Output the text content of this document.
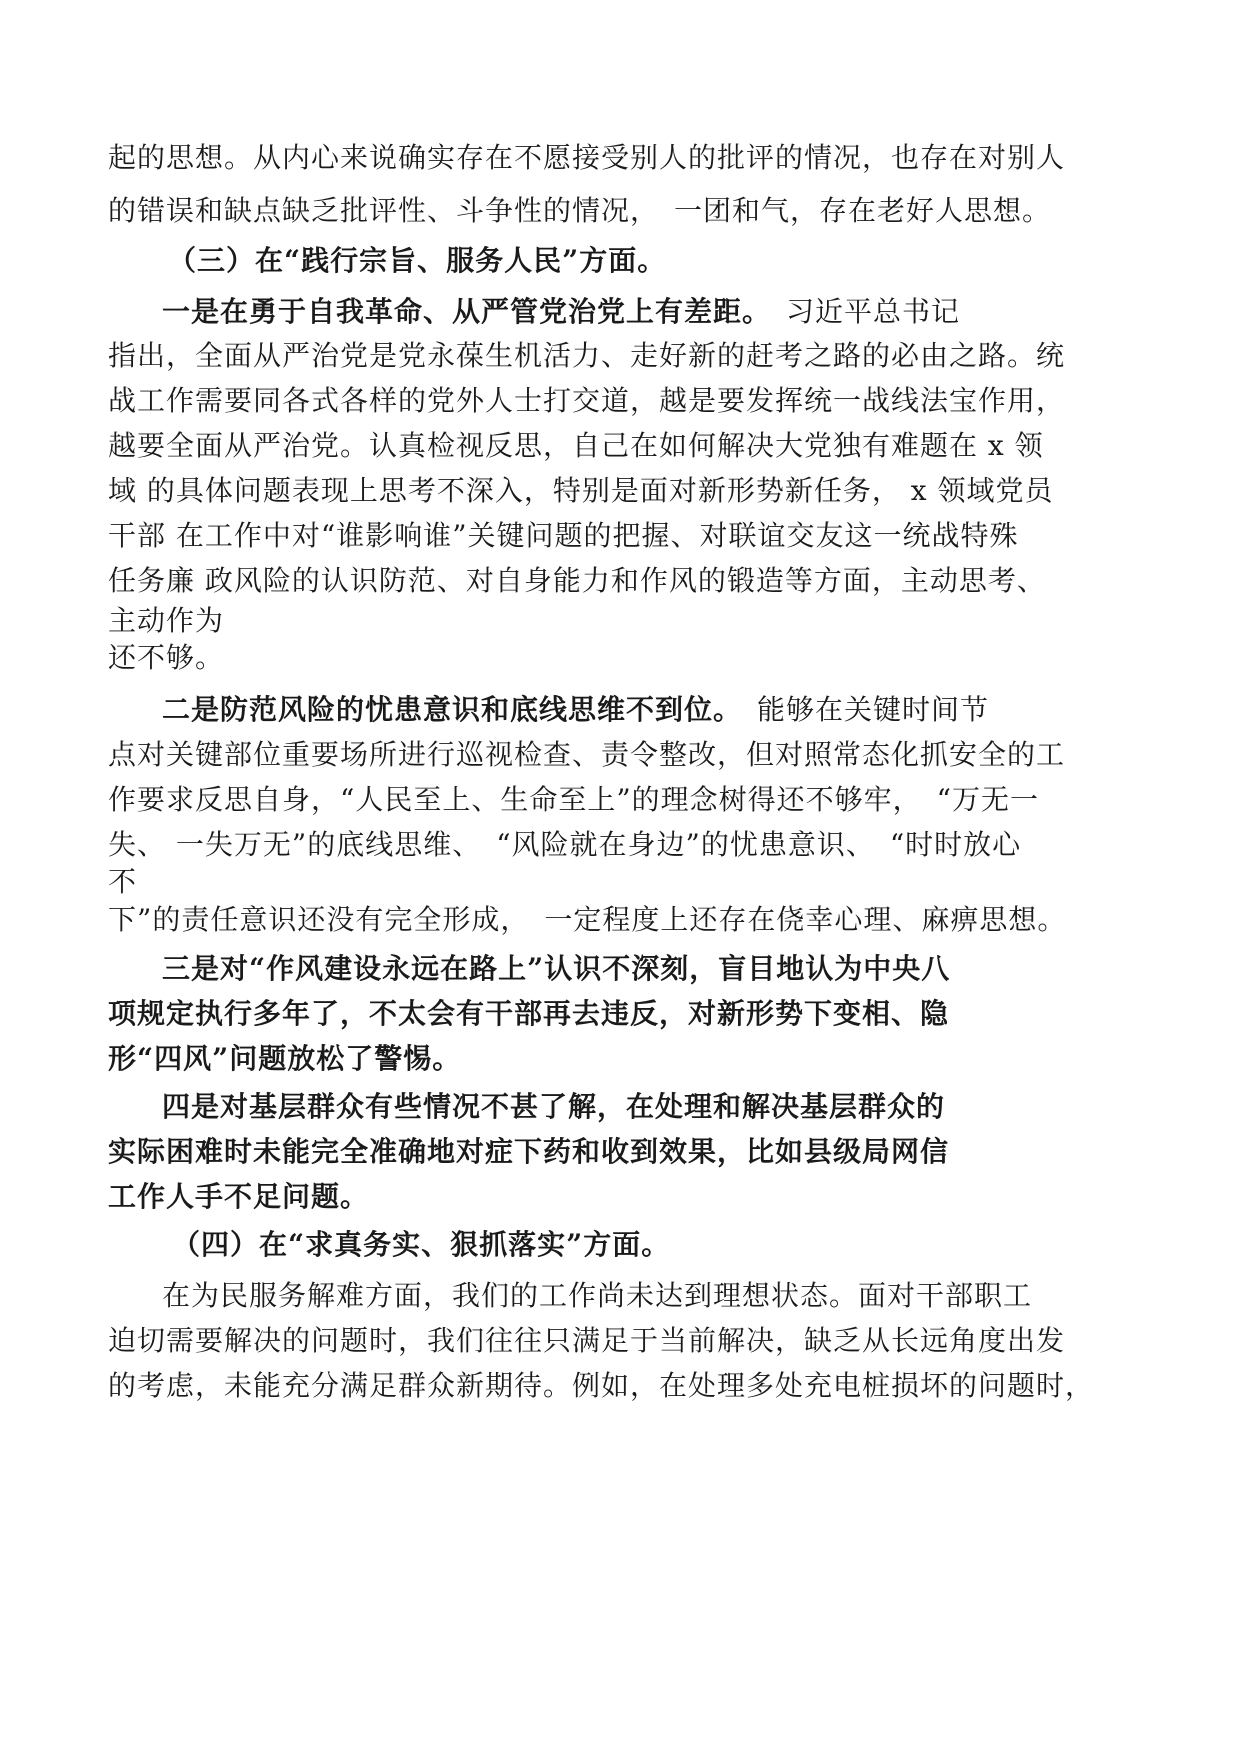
起的思想。从内心来说确实存在不愿接受别人的批评的情况，也存在对别人

的错误和缺点缺乏批评性、斗争性的情况，　一团和气，存在老好人思想。

（三）在“践行宗旨、服务人民”方面。

一是在勇于自我革命、从严管党治党上有差距。　习近平总书记

指出，全面从严治党是党永葆生机活力、走好新的赶考之路的必由之路。统

战工作需要同各式各样的党外人士打交道，越是要发挥统一战线法宝作用，

越要全面从严治党。认真检视反思，自己在如何解决大党独有难题在 x 领

域 的具体问题表现上思考不深入，特别是面对新形势新任务， x 领域党员

干部 在工作中对“谁影响谁”关键问题的把握、对联谊交友这一统战特殊

任务廉 政风险的认识防范、对自身能力和作风的锻造等方面，主动思考、

主动作为

还不够。

二是防范风险的忧患意识和底线思维不到位。　能够在关键时间节

点对关键部位重要场所进行巡视检查、责令整改，但对照常态化抓安全的工

作要求反思自身，“人民至上、生命至上”的理念树得还不够牢，　“万无一

失、 一失万无”的底线思维、　“风险就在身边”的忧患意识、　“时时放心

不

下”的责任意识还没有完全形成，　一定程度上还存在侥幸心理、麻痹思想。

三是对“作风建设永远在路上”认识不深刻，盲目地认为中央八

项规定执行多年了，不太会有干部再去违反，对新形势下变相、隐

形“四风”问题放松了警惕。

四是对基层群众有些情况不甚了解，在处理和解决基层群众的

实际困难时未能完全准确地对症下药和收到效果，比如县级局网信

工作人手不足问题。

（四）在“求真务实、狠抓落实”方面。

在为民服务解难方面，我们的工作尚未达到理想状态。面对干部职工

迫切需要解决的问题时，我们往往只满足于当前解决，缺乏从长远角度出发

的考虑，未能充分满足群众新期待。例如，在处理多处充电桩损坏的问题时，
